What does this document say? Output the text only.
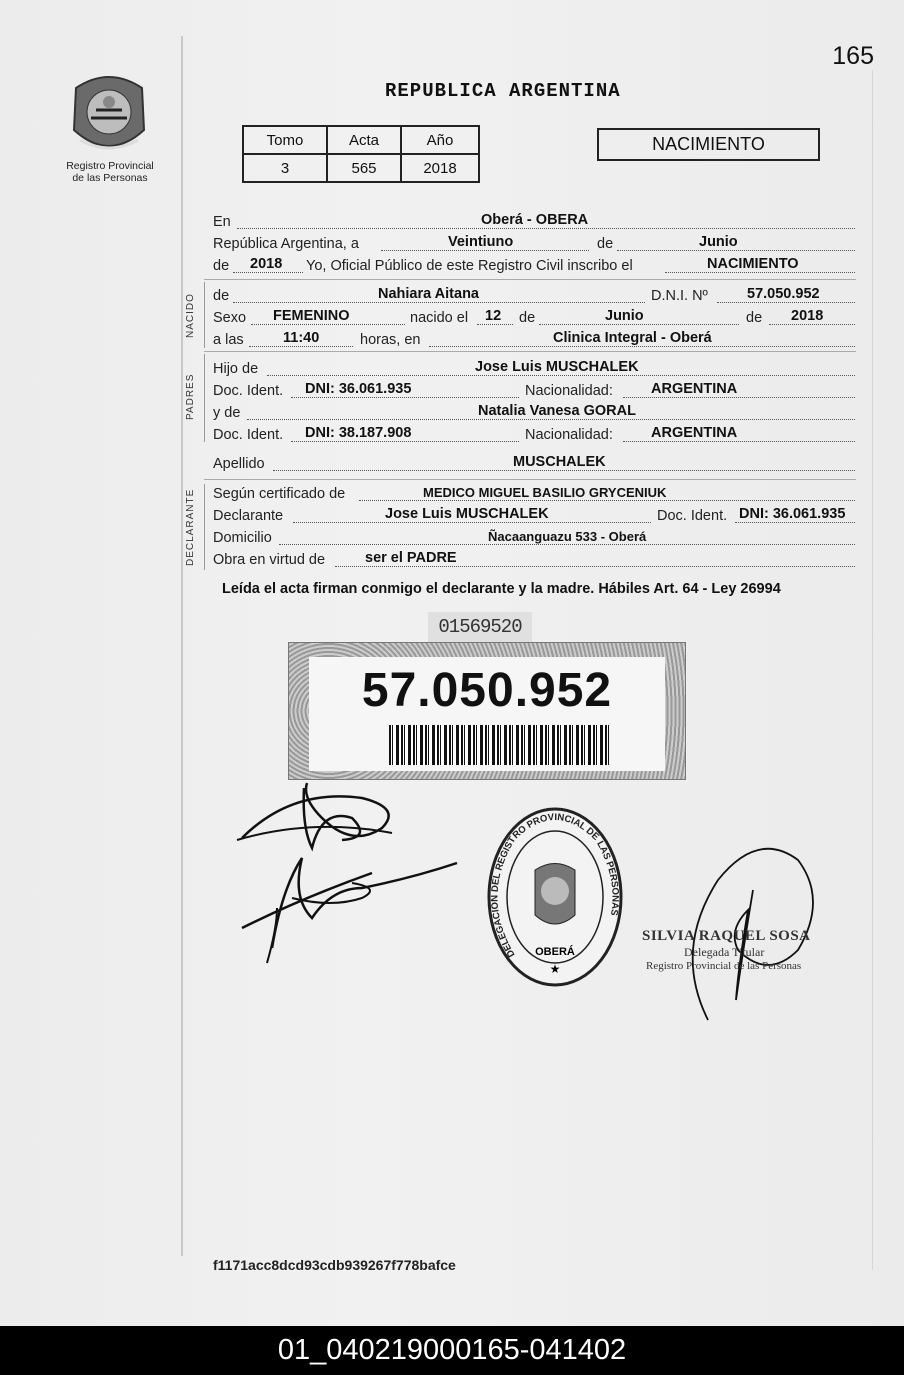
165
Registro Provincial
de las Personas
REPUBLICA ARGENTINA
Tomo	Acta	Año
3	565	2018
NACIMIENTO
En	Oberá - OBERA
República Argentina, a	Veintiuno	de	Junio
de 2018 Yo, Oficial Público de este Registro Civil inscribo el	NACIMIENTO
NACIDO de	Nahiara Aitana	D.N.I. Nº	57.050.952
Sexo FEMENINO	nacido el 12 de	Junio	de 2018
a las	11:40	horas, en	Clinica Integral - Oberá
PADRES
Hijo de	Jose Luis MUSCHALEK
Doc. Ident. DNI: 36.061.935	Nacionalidad:	ARGENTINA
y de	Natalia Vanesa GORAL
Doc. Ident. DNI: 38.187.908	Nacionalidad:	ARGENTINA
Apellido	MUSCHALEK
DECLARANTE Según certificado de	MEDICO MIGUEL BASILIO GRYCENIUK
Declarante	Jose Luis MUSCHALEK	Doc. Ident. DNI: 36.061.935
Domicilio	Ñacaanguazu 533 - Oberá
Obra en virtud de	ser el PADRE
Leída el acta firman conmigo el declarante y la madre. Hábiles Art. 64 - Ley 26994
01569520
57.050.952
DELEGACION DEL REGISTRO PROVINCIAL DE LAS PERSONAS
OBERÁ
★
SILVIA RAQUEL SOSA
Delegada Titular
Registro Provincial de las Personas
f1171acc8dcd93cdb939267f778bafce
01_040219000165-041402
